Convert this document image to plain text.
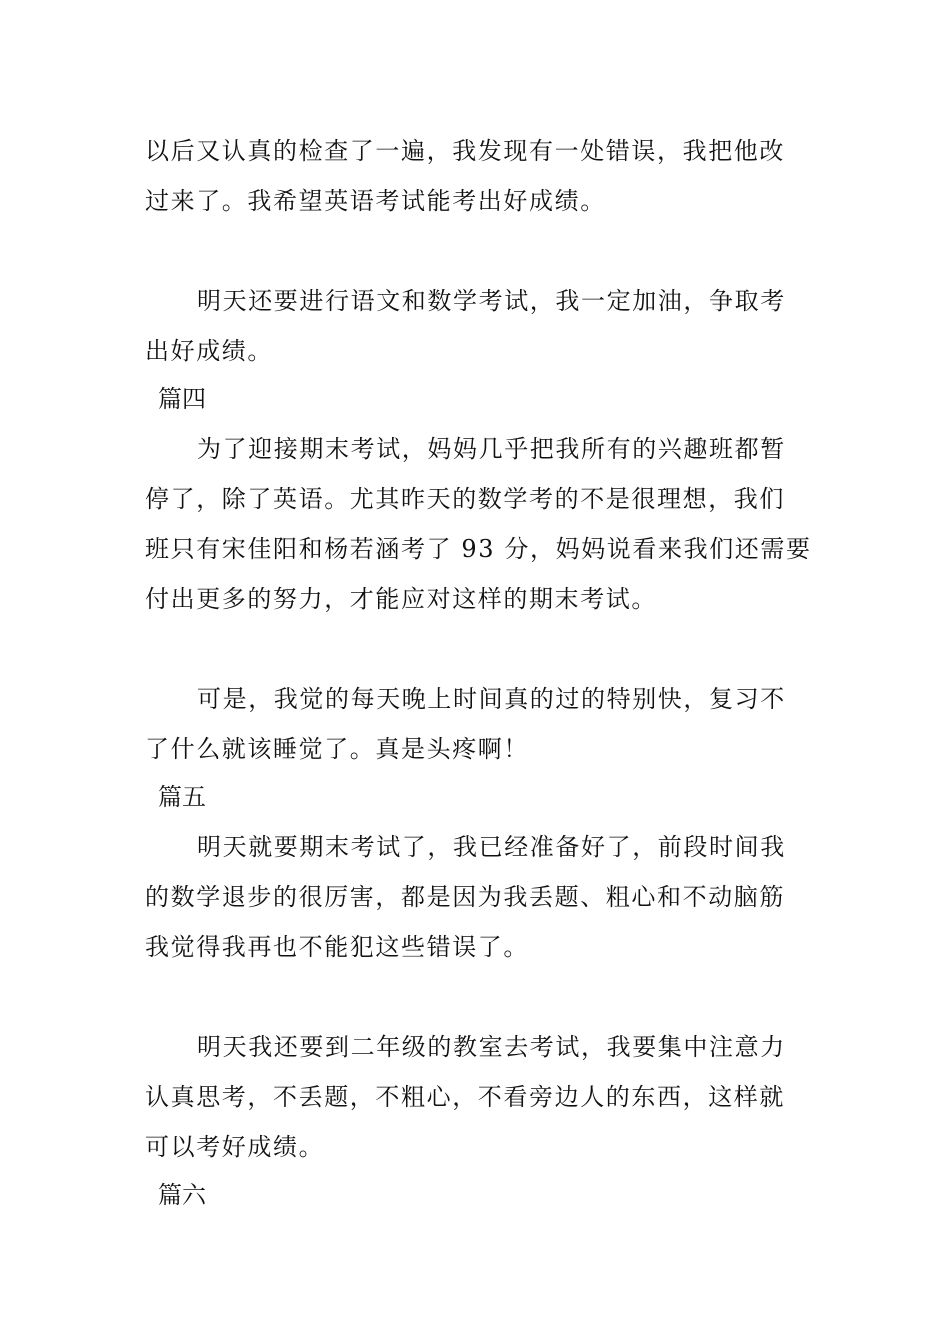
以后又认真的检查了一遍，我发现有一处错误，我把他改
过来了。我希望英语考试能考出好成绩。
明天还要进行语文和数学考试，我一定加油，争取考
出好成绩。
篇四
为了迎接期末考试，妈妈几乎把我所有的兴趣班都暂
停了，除了英语。尤其昨天的数学考的不是很理想，我们
班只有宋佳阳和杨若涵考了 93 分，妈妈说看来我们还需要
付出更多的努力，才能应对这样的期末考试。
可是，我觉的每天晚上时间真的过的特别快，复习不
了什么就该睡觉了。真是头疼啊！
篇五
明天就要期末考试了，我已经准备好了，前段时间我
的数学退步的很厉害，都是因为我丢题、粗心和不动脑筋
我觉得我再也不能犯这些错误了。
明天我还要到二年级的教室去考试，我要集中注意力
认真思考，不丢题，不粗心，不看旁边人的东西，这样就
可以考好成绩。
篇六
